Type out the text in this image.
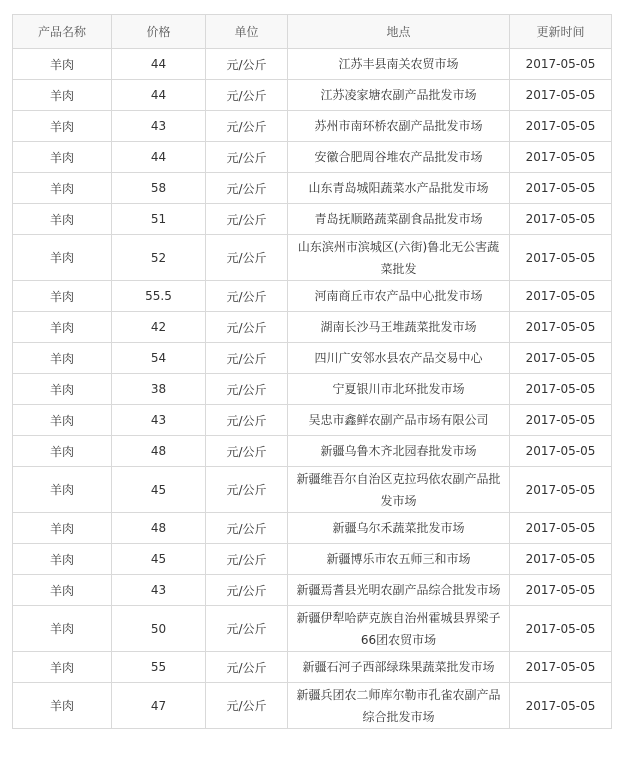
产品名称	价格	单位	地点	更新时间
羊肉	44	元/公斤	江苏丰县南关农贸市场	2017-05-05
羊肉	44	元/公斤	江苏凌家塘农副产品批发市场	2017-05-05
羊肉	43	元/公斤	苏州市南环桥农副产品批发市场	2017-05-05
羊肉	44	元/公斤	安徽合肥周谷堆农产品批发市场	2017-05-05
羊肉	58	元/公斤	山东青岛城阳蔬菜水产品批发市场	2017-05-05
羊肉	51	元/公斤	青岛抚顺路蔬菜副食品批发市场	2017-05-05
羊肉	52	元/公斤	山东滨州市滨城区(六街)鲁北无公害蔬菜批发	2017-05-05
羊肉	55.5	元/公斤	河南商丘市农产品中心批发市场	2017-05-05
羊肉	42	元/公斤	湖南长沙马王堆蔬菜批发市场	2017-05-05
羊肉	54	元/公斤	四川广安邻水县农产品交易中心	2017-05-05
羊肉	38	元/公斤	宁夏银川市北环批发市场	2017-05-05
羊肉	43	元/公斤	吴忠市鑫鲜农副产品市场有限公司	2017-05-05
羊肉	48	元/公斤	新疆乌鲁木齐北园春批发市场	2017-05-05
羊肉	45	元/公斤	新疆维吾尔自治区克拉玛依农副产品批发市场	2017-05-05
羊肉	48	元/公斤	新疆乌尔禾蔬菜批发市场	2017-05-05
羊肉	45	元/公斤	新疆博乐市农五师三和市场	2017-05-05
羊肉	43	元/公斤	新疆焉耆县光明农副产品综合批发市场	2017-05-05
羊肉	50	元/公斤	新疆伊犁哈萨克族自治州霍城县界梁子66团农贸市场	2017-05-05
羊肉	55	元/公斤	新疆石河子西部绿珠果蔬菜批发市场	2017-05-05
羊肉	47	元/公斤	新疆兵团农二师库尔勒市孔雀农副产品综合批发市场	2017-05-05
